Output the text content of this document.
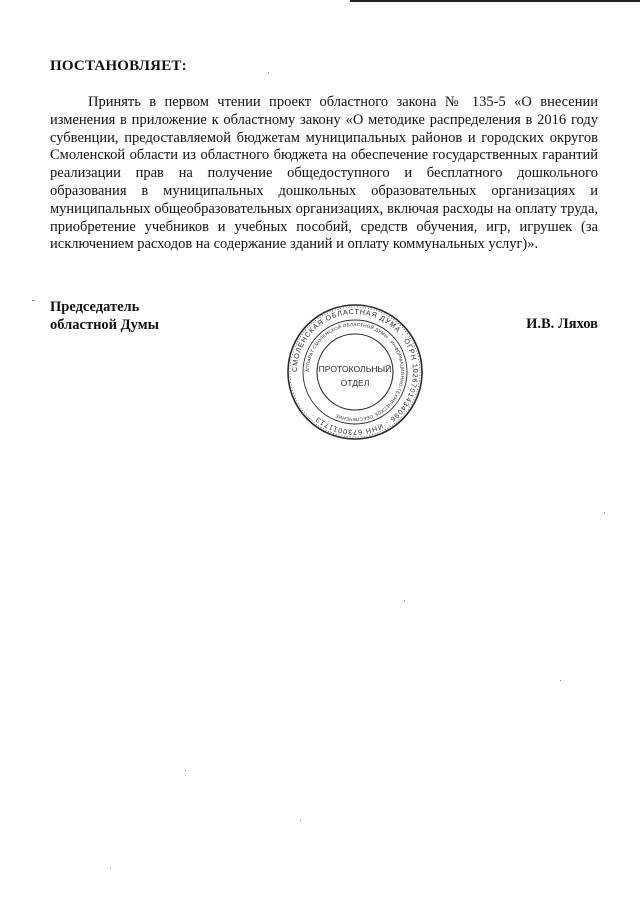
ПОСТАНОВЛЯЕТ:
Принять в первом чтении проект областного закона № 135-5 «О внесении изменения в приложение к областному закону «О методике распределения в 2016 году субвенции, предоставляемой бюджетам муниципальных районов и городских округов Смоленской области из областного бюджета на обеспечение государственных гарантий реализации прав на получение общедоступного и бесплатного дошкольного образования в муниципальных дошкольных образовательных организациях и муниципальных общеобразовательных организациях, включая расходы на оплату труда, приобретение учебников и учебных пособий, средств обучения, игр, игрушек (за исключением расходов на содержание зданий и оплату коммунальных услуг)».
Председатель
областной Думы	И.В. Ляхов
СМОЛЕНСКАЯ ОБЛАСТНАЯ ДУМА · ОГРН 1026701434096 · ИНН 6730011713 ·
АППАРАТ СМОЛЕНСКОЙ ОБЛАСТНОЙ ДУМЫ · ИНФОРМАЦИОННО-ТЕХНИЧЕСКОЕ ОБЕСПЕЧЕНИЕ
ПРОТОКОЛЬНЫЙ
ОТДЕЛ
